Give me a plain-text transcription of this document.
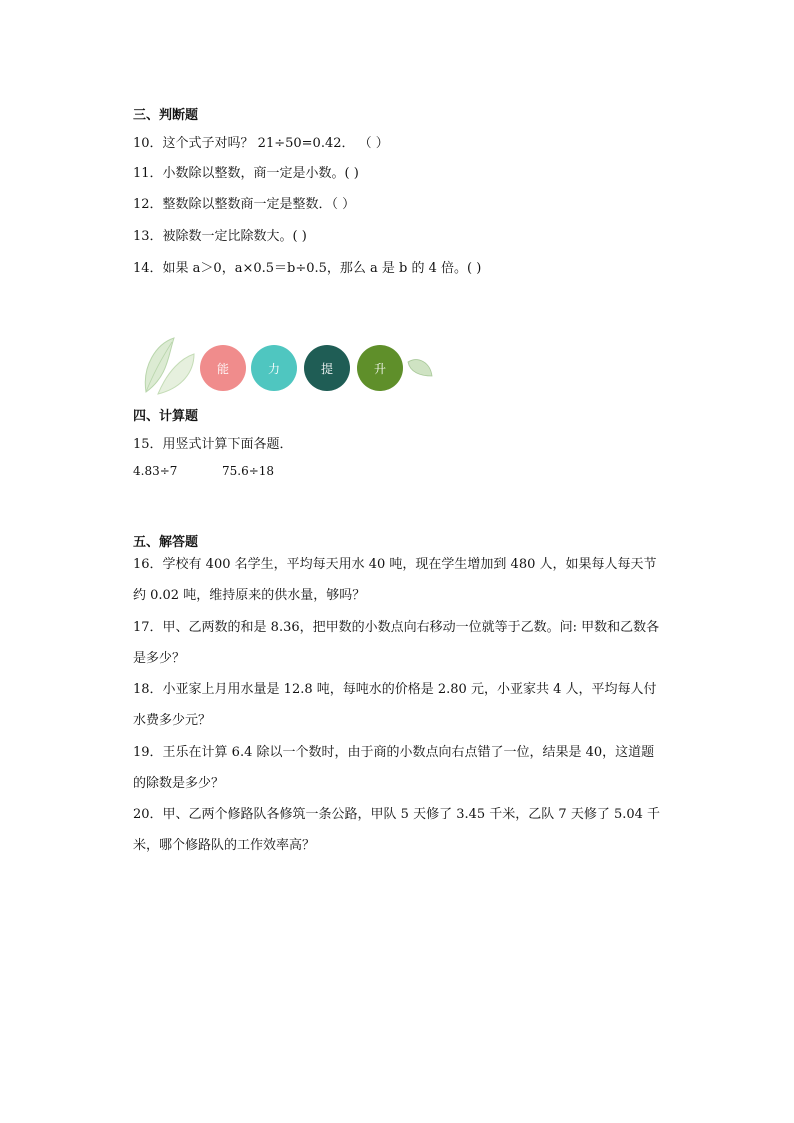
三、判断题
10．这个式子对吗？ 21÷50=0.42． （ ）
11．小数除以整数，商一定是小数。( )
12．整数除以整数商一定是整数．（ ）
13．被除数一定比除数大。( )
14．如果 a＞0，a×0.5＝b÷0.5，那么 a 是 b 的 4 倍。( )
能	力	提	升
四、计算题
15．用竖式计算下面各题．
4.83÷7	75.6÷18
五、解答题
16．学校有 400 名学生，平均每天用水 40 吨，现在学生增加到 480 人，如果每人每天节约 0.02 吨，维持原来的供水量，够吗？
17．甲、乙两数的和是 8.36，把甲数的小数点向右移动一位就等于乙数。问: 甲数和乙数各是多少？
18．小亚家上月用水量是 12.8 吨，每吨水的价格是 2.80 元，小亚家共 4 人，平均每人付水费多少元？
19．王乐在计算 6.4 除以一个数时，由于商的小数点向右点错了一位，结果是 40，这道题的除数是多少？
20．甲、乙两个修路队各修筑一条公路，甲队 5 天修了 3.45 千米，乙队 7 天修了 5.04 千米，哪个修路队的工作效率高？
